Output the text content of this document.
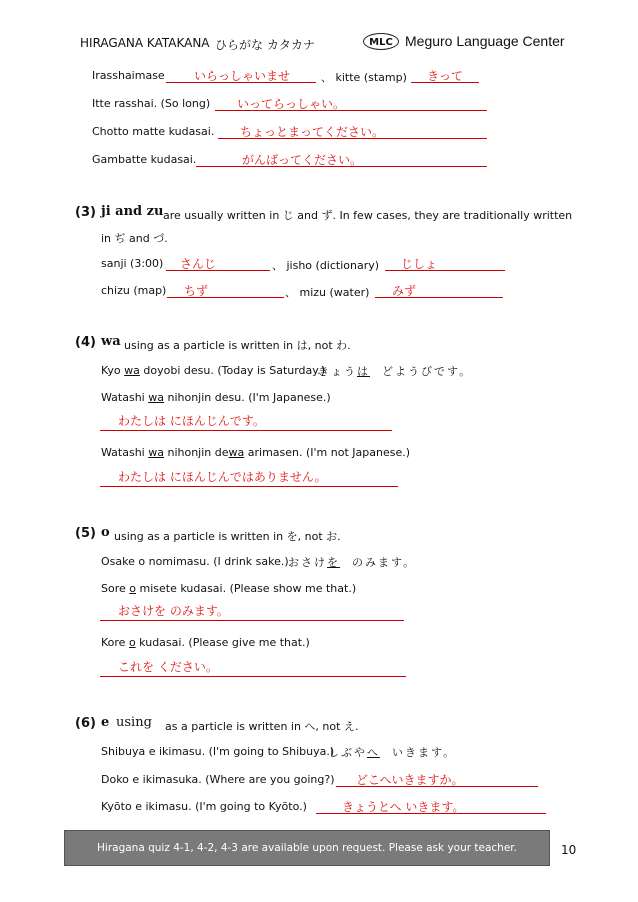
HIRAGANA KATAKANA ひらがな カタカナ	MLC Meguro Language Center
Irasshaimase いらっしゃいませ	、 kitte (stamp) きって
Itte rasshai. (So long) いってらっしゃい。
Chotto matte kudasai. ちょっとまってください。
Gambatte kudasai.	がんばってください。
(3) ji and zu are usually written in じ and ず. In few cases, they are traditionally written
in ぢ and づ.
sanji (3:00) さんじ	、 jisho (dictionary) じしょ
chizu (map) ちず	、 mizu (water) みず
(4) wa using as a particle is written in は, not わ.
Kyo wa doyobi desu. (Today is Saturday.)
きょうは どようびです。
Watashi wa nihonjin desu. (I'm Japanese.)
わたしは にほんじんです。
Watashi wa nihonjin dewa arimasen. (I'm not Japanese.)
わたしは にほんじんではありません。
(5) o using as a particle is written in を, not お.
Osake o nomimasu. (I drink sake.) おさけを のみます。
Sore o misete kudasai. (Please show me that.)
おさけを のみます。
Kore o kudasai. (Please give me that.)
これを ください。
(6) e using as a particle is written in へ, not え.
Shibuya e ikimasu. (I'm going to Shibuya.)
しぶやへ いきます。
Doko e ikimasuka. (Where are you going?) どこへいきますか。
Kyōto e ikimasu. (I'm going to Kyōto.)	きょうとへ いきます。
Hiragana quiz 4-1, 4-2, 4-3 are available upon request. Please ask your teacher.	10
